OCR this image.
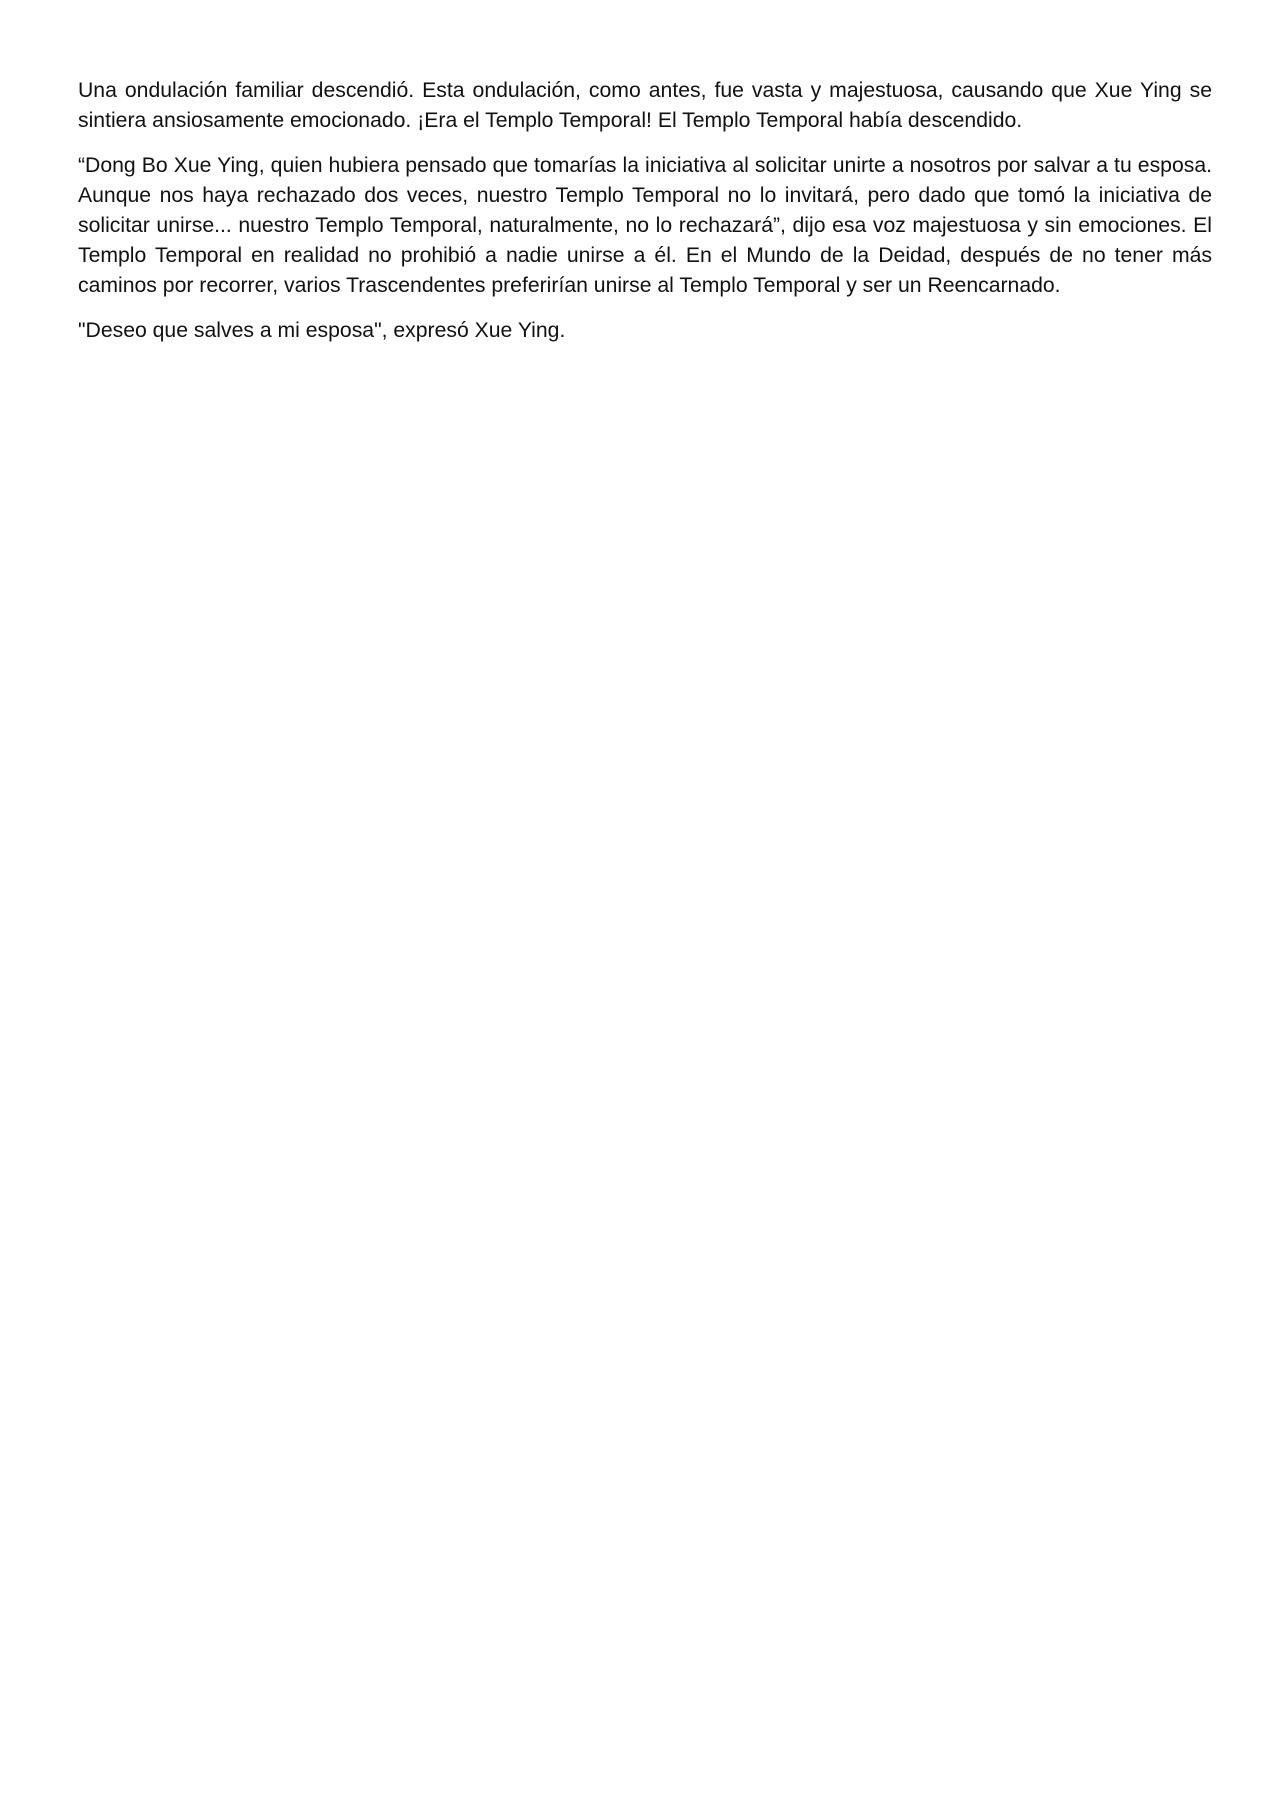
Una ondulación familiar descendió. Esta ondulación, como antes, fue vasta y majestuosa, causando que Xue Ying se sintiera ansiosamente emocionado. ¡Era el Templo Temporal! El Templo Temporal había descendido.

“Dong Bo Xue Ying, quien hubiera pensado que tomarías la iniciativa al solicitar unirte a nosotros por salvar a tu esposa. Aunque nos haya rechazado dos veces, nuestro Templo Temporal no lo invitará, pero dado que tomó la iniciativa de solicitar unirse... nuestro Templo Temporal, naturalmente, no lo rechazará”, dijo esa voz majestuosa y sin emociones. El Templo Temporal en realidad no prohibió a nadie unirse a él. En el Mundo de la Deidad, después de no tener más caminos por recorrer, varios Trascendentes preferirían unirse al Templo Temporal y ser un Reencarnado.

"Deseo que salves a mi esposa", expresó Xue Ying.
